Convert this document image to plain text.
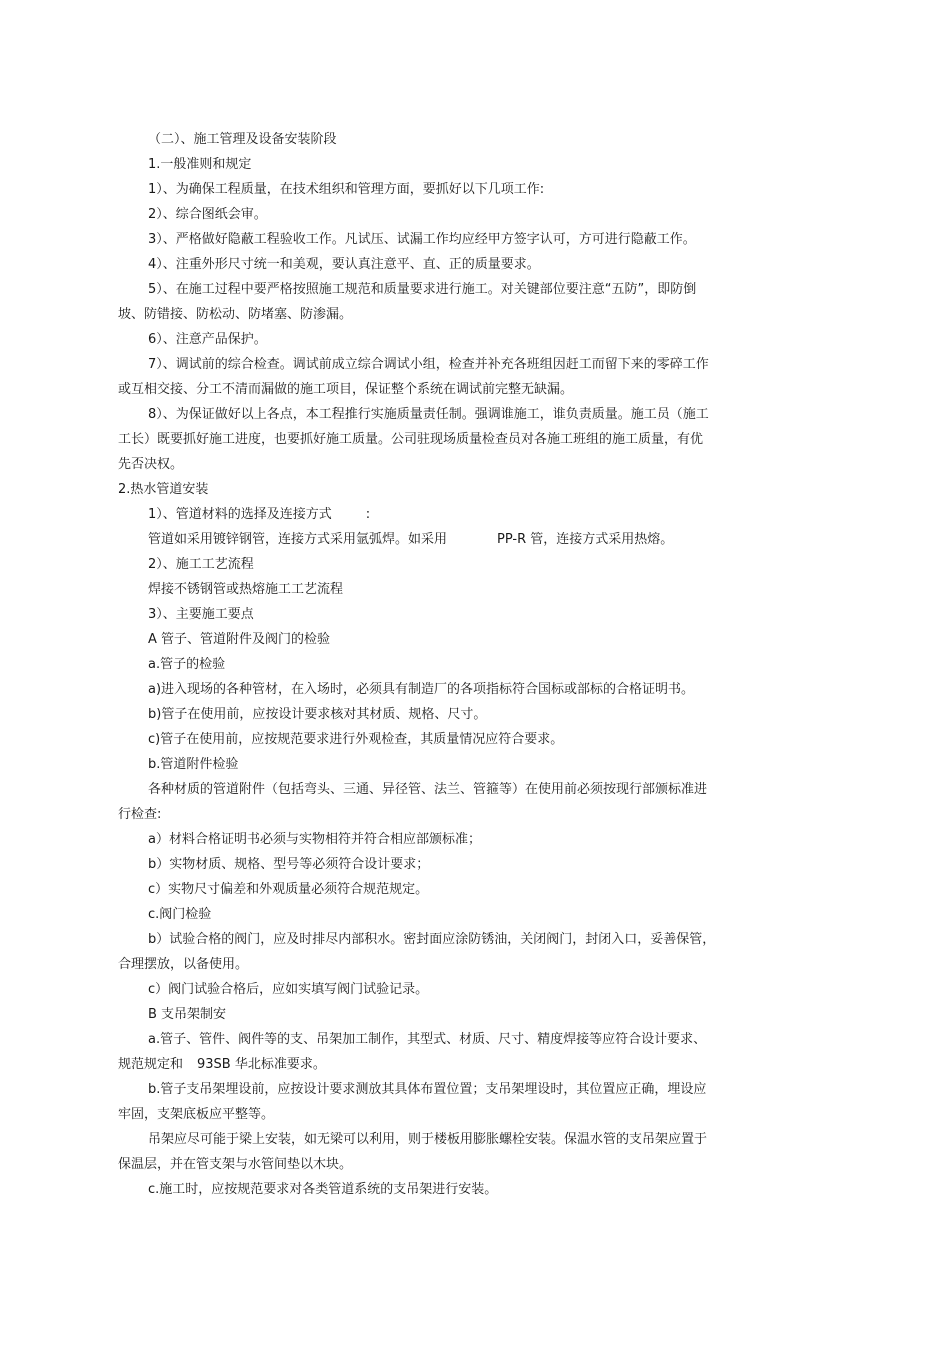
（二）、施工管理及设备安装阶段

1.一般准则和规定

1）、为确保工程质量，在技术组织和管理方面，要抓好以下几项工作:

2）、综合图纸会审。

3）、严格做好隐蔽工程验收工作。凡试压、试漏工作均应经甲方签字认可，方可进行隐蔽工作。

4）、注重外形尺寸统一和美观，要认真注意平、直、正的质量要求。

5）、在施工过程中要严格按照施工规范和质量要求进行施工。对关键部位要注意“五防”，即防倒

坡、防错接、防松动、防堵塞、防渗漏。

6）、注意产品保护。

7）、调试前的综合检查。调试前成立综合调试小组，检查并补充各班组因赶工而留下来的零碎工作

或互相交接、分工不清而漏做的施工项目，保证整个系统在调试前完整无缺漏。

8）、为保证做好以上各点，本工程推行实施质量责任制。强调谁施工，谁负责质量。施工员（施工

工长）既要抓好施工进度，也要抓好施工质量。公司驻现场质量检查员对各施工班组的施工质量，有优

先否决权。

2.热水管道安装

1）、管道材料的选择及连接方式	:

管道如采用镀锌钢管，连接方式采用氩弧焊。如采用	PP-R 管，连接方式采用热熔。

2）、施工工艺流程

焊接不锈钢管或热熔施工工艺流程

3）、主要施工要点

A 管子、管道附件及阀门的检验

a.管子的检验

a)进入现场的各种管材，在入场时，必须具有制造厂的各项指标符合国标或部标的合格证明书。

b)管子在使用前，应按设计要求核对其材质、规格、尺寸。

c)管子在使用前，应按规范要求进行外观检查，其质量情况应符合要求。

b.管道附件检验

各种材质的管道附件（包括弯头、三通、异径管、法兰、管箍等）在使用前必须按现行部颁标准进

行检查:

a）材料合格证明书必须与实物相符并符合相应部颁标准；

b）实物材质、规格、型号等必须符合设计要求；

c）实物尺寸偏差和外观质量必须符合规范规定。

c.阀门检验

b）试验合格的阀门，应及时排尽内部积水。密封面应涂防锈油，关闭阀门，封闭入口，妥善保管，

合理摆放，以备使用。

c）阀门试验合格后，应如实填写阀门试验记录。

B 支吊架制安

a.管子、管件、阀件等的支、吊架加工制作，其型式、材质、尺寸、精度焊接等应符合设计要求、

规范规定和 93SB 华北标准要求。

b.管子支吊架埋设前，应按设计要求测放其具体布置位置；支吊架埋设时，其位置应正确，埋设应

牢固，支架底板应平整等。

吊架应尽可能于梁上安装，如无梁可以利用，则于楼板用膨胀螺栓安装。保温水管的支吊架应置于

保温层，并在管支架与水管间垫以木块。

c.施工时，应按规范要求对各类管道系统的支吊架进行安装。
